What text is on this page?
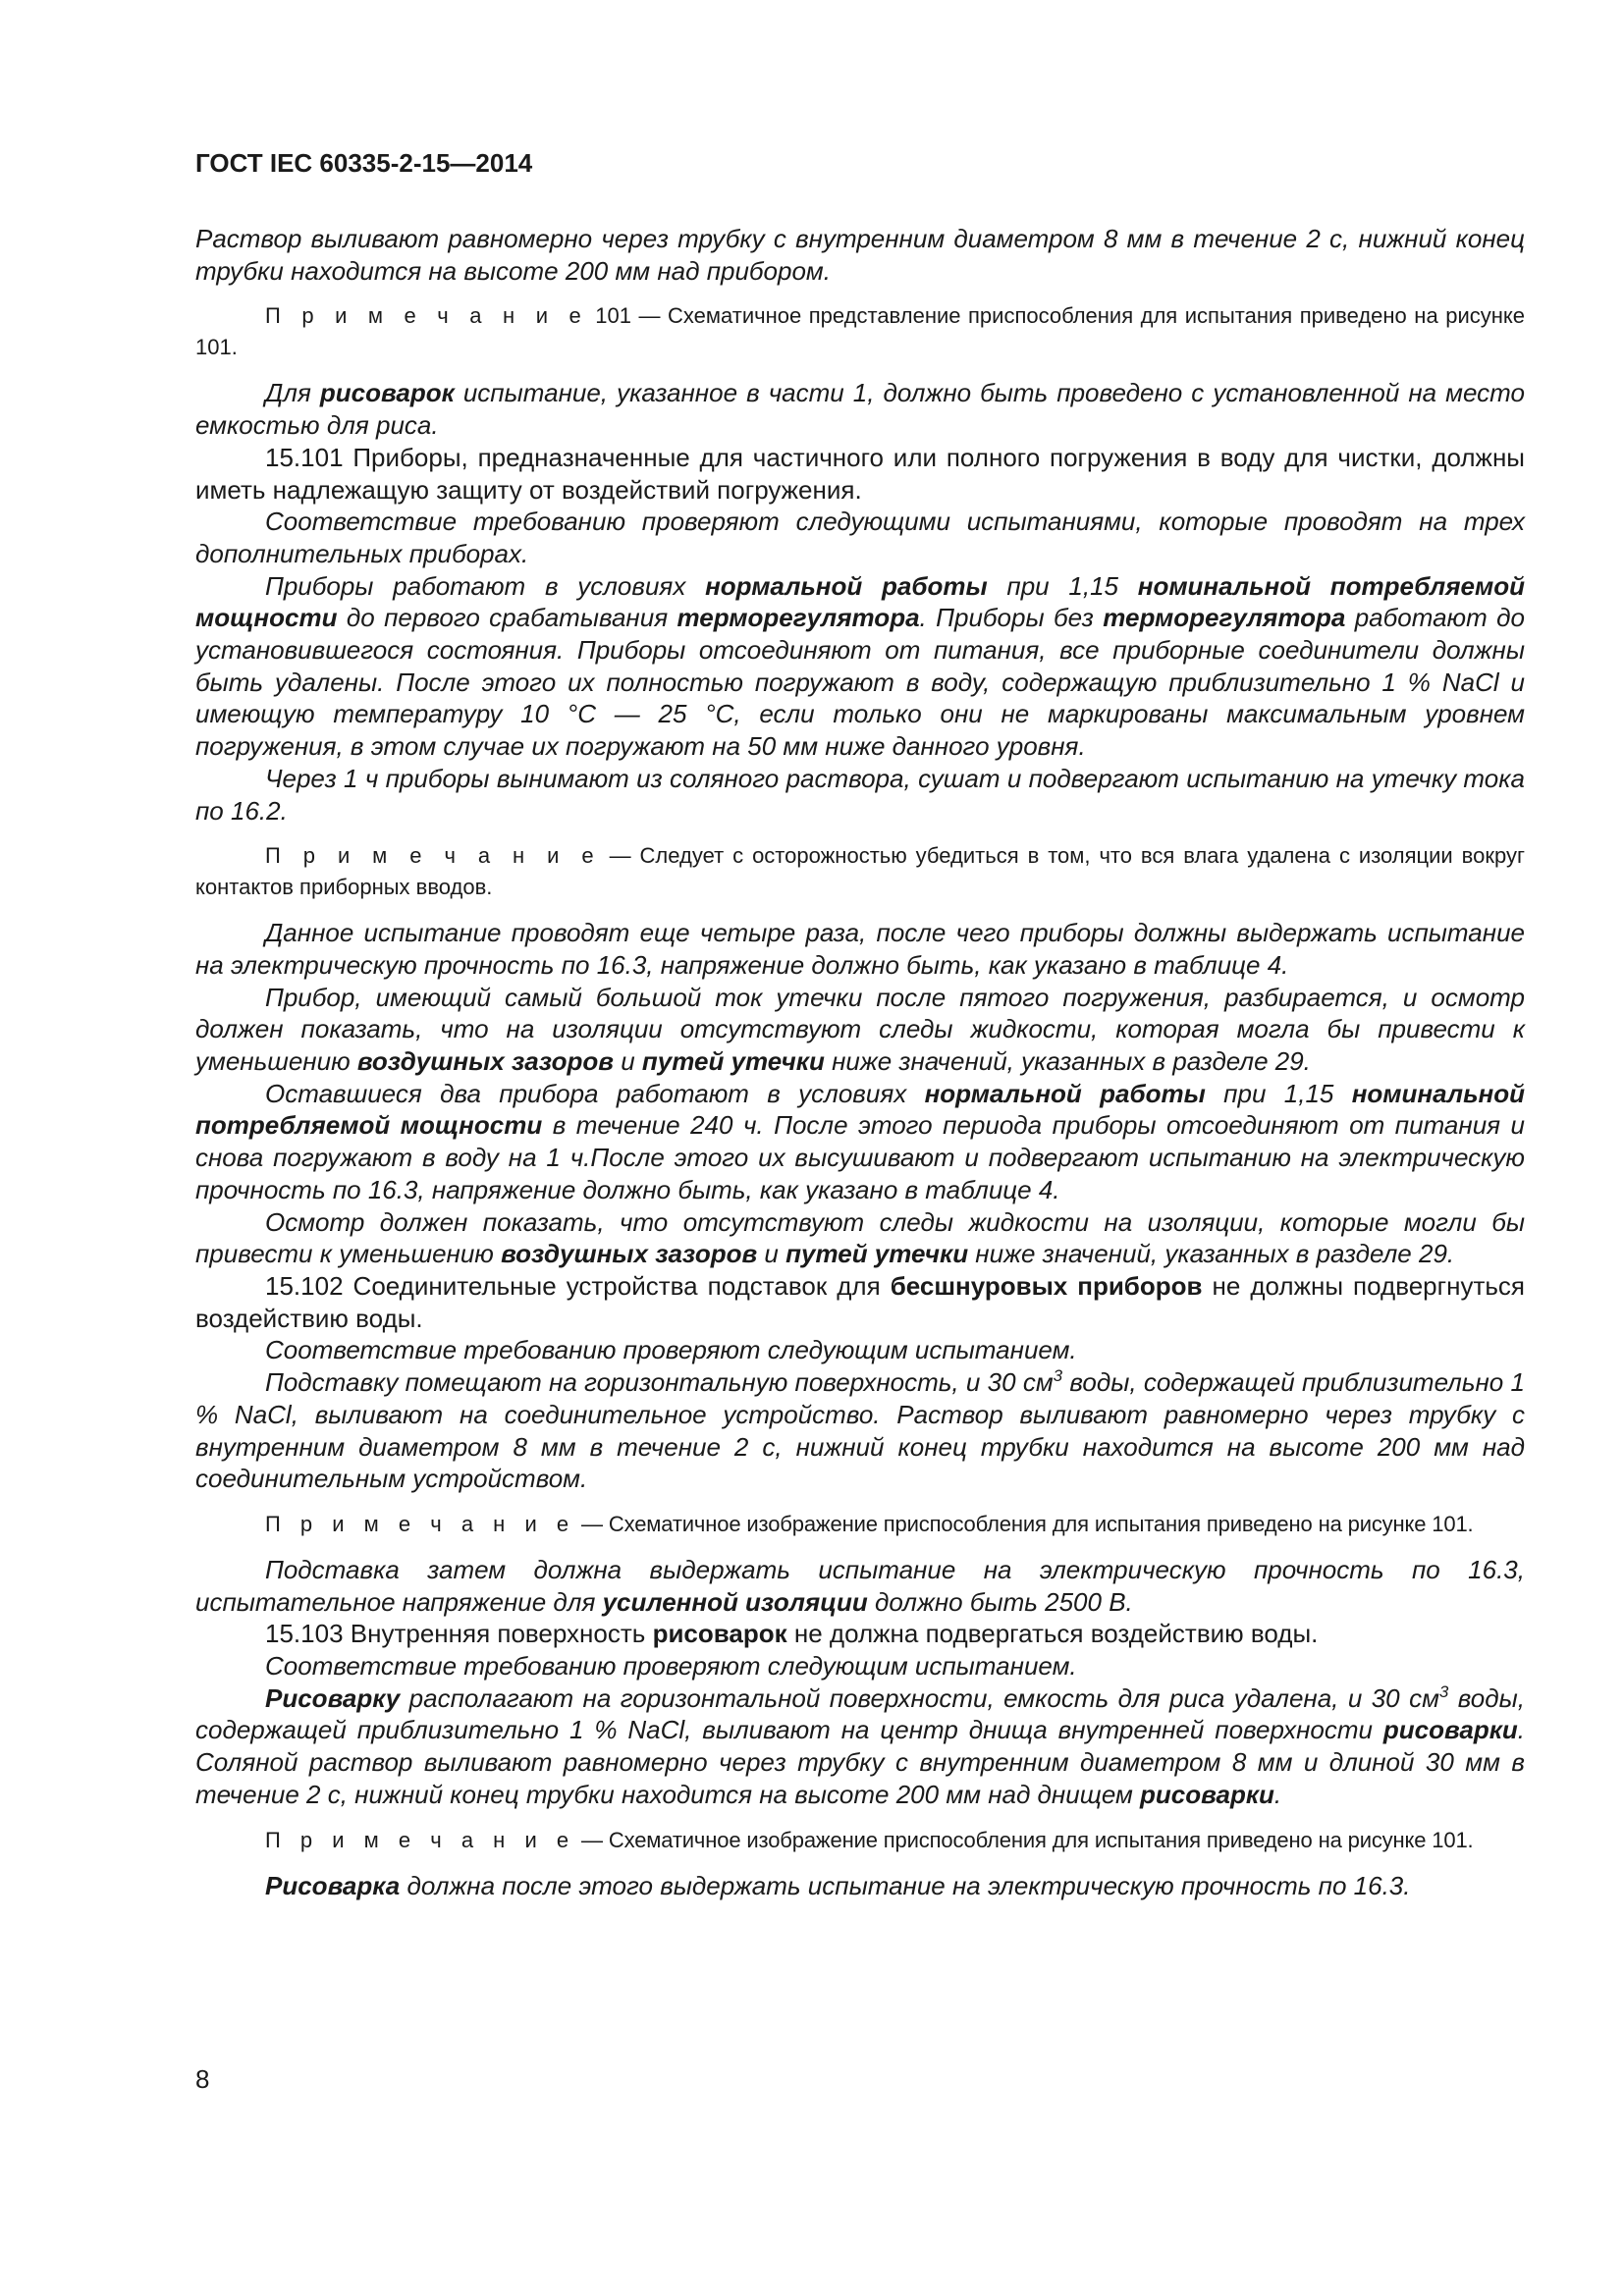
ГОСТ IEC 60335-2-15—2014

Раствор выливают равномерно через трубку с внутренним диаметром 8 мм в течение 2 с, нижний конец трубки находится на высоте 200 мм над прибором.

П р и м е ч а н и е 101 — Схематичное представление приспособления для испытания приведено на рисунке 101.

Для рисоварок испытание, указанное в части 1, должно быть проведено с установленной на место емкостью для риса.

15.101 Приборы, предназначенные для частичного или полного погружения в воду для чистки, должны иметь надлежащую защиту от воздействий погружения.

Соответствие требованию проверяют следующими испытаниями, которые проводят на трех дополнительных приборах.

Приборы работают в условиях нормальной работы при 1,15 номинальной потребляемой мощности до первого срабатывания терморегулятора. Приборы без терморегулятора работают до установившегося состояния. Приборы отсоединяют от питания, все приборные соединители должны быть удалены. После этого их полностью погружают в воду, содержащую приблизительно 1 % NaCl и имеющую температуру 10 °С — 25 °С, если только они не маркированы максимальным уровнем погружения, в этом случае их погружают на 50 мм ниже данного уровня.

Через 1 ч приборы вынимают из соляного раствора, сушат и подвергают испытанию на утечку тока по 16.2.

П р и м е ч а н и е — Следует с осторожностью убедиться в том, что вся влага удалена с изоляции вокруг контактов приборных вводов.

Данное испытание проводят еще четыре раза, после чего приборы должны выдержать испытание на электрическую прочность по 16.3, напряжение должно быть, как указано в таблице 4.

Прибор, имеющий самый большой ток утечки после пятого погружения, разбирается, и осмотр должен показать, что на изоляции отсутствуют следы жидкости, которая могла бы привести к уменьшению воздушных зазоров и путей утечки ниже значений, указанных в разделе 29.

Оставшиеся два прибора работают в условиях нормальной работы при 1,15 номинальной потребляемой мощности в течение 240 ч. После этого периода приборы отсоединяют от питания и снова погружают в воду на 1 ч.После этого их высушивают и подвергают испытанию на электрическую прочность по 16.3, напряжение должно быть, как указано в таблице 4.

Осмотр должен показать, что отсутствуют следы жидкости на изоляции, которые могли бы привести к уменьшению воздушных зазоров и путей утечки ниже значений, указанных в разделе 29.

15.102 Соединительные устройства подставок для бесшнуровых приборов не должны подвергнуться воздействию воды.

Соответствие требованию проверяют следующим испытанием.

Подставку помещают на горизонтальную поверхность, и 30 $см^3$ воды, содержащей приблизительно 1 % NaCl, выливают на соединительное устройство. Раствор выливают равномерно через трубку с внутренним диаметром 8 мм в течение 2 с, нижний конец трубки находится на высоте 200 мм над соединительным устройством.

П р и м е ч а н и е — Схематичное изображение приспособления для испытания приведено на рисунке 101.

Подставка затем должна выдержать испытание на электрическую прочность по 16.3, испытательное напряжение для усиленной изоляции должно быть 2500 В.

15.103 Внутренняя поверхность рисоварок не должна подвергаться воздействию воды.

Соответствие требованию проверяют следующим испытанием.

Рисоварку располагают на горизонтальной поверхности, емкость для риса удалена, и 30 $см^3$ воды, содержащей приблизительно 1 % NaCl, выливают на центр днища внутренней поверхности рисоварки. Соляной раствор выливают равномерно через трубку с внутренним диаметром 8 мм и длиной 30 мм в течение 2 с, нижний конец трубки находится на высоте 200 мм над днищем рисоварки.

П р и м е ч а н и е — Схематичное изображение приспособления для испытания приведено на рисунке 101.

Рисоварка должна после этого выдержать испытание на электрическую прочность по 16.3.

8
